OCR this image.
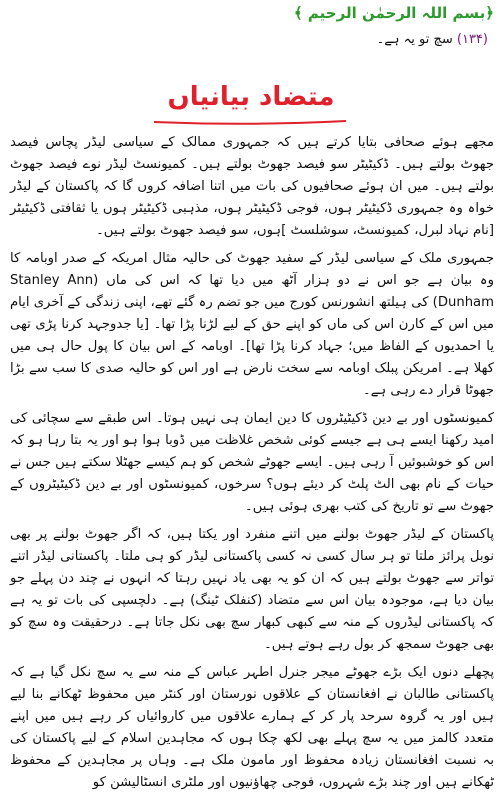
﴿بسم اللہ الرحمٰن الرحیم ﴾
(۱۳۴) سچ تو یہ ہے۔
متضاد بیانیاں

مجھے ہوئے صحافی بتایا کرتے ہیں کہ جمہوری ممالک کے سیاسی لیڈر پچاس فیصد جھوٹ بولتے ہیں۔ ڈکیٹیٹر سو فیصد جھوٹ بولتے ہیں۔ کمیونسٹ لیڈر نوے فیصد جھوٹ بولتے ہیں۔ میں ان ہوئے صحافیوں کی بات میں اتنا اضافہ کروں گا کہ پاکستان کے لیڈر خواہ وہ جمہوری ڈکیٹیٹر ہوں، فوجی ڈکیٹیٹر ہوں، مذہبی ڈکیٹیٹر ہوں یا ثقافتی ڈکیٹیٹر [نام نہاد لبرل، کمیونسٹ، سوشلسٹ ]ہوں، سو فیصد جھوٹ بولتے ہیں۔

جمہوری ملک کے سیاسی لیڈر کے سفید جھوٹ کی حالیہ مثال امریکہ کے صدر اوبامہ کا وہ بیان ہے جو اس نے دو ہزار آٹھ میں دیا تھا کہ اس کی ماں (Stanley Ann Dunham) کی ہیلتھ انشورنس کورج میں جو تضم رہ گئے تھے، اپنی زندگی کے آخری ایام میں اس کے کارن اس کی ماں کو اپنے حق کے لیے لڑنا پڑا تھا۔ [یا جدوجہد کرنا پڑی تھی یا احمدیوں کے الفاظ میں؛ جہاد کرنا پڑا تھا]۔ اوبامہ کے اس بیان کا پول حال ہی میں کھلا ہے۔ امریکن پبلک اوبامہ سے سخت نارض ہے اور اس کو حالیہ صدی کا سب سے بڑا جھوٹا قرار دے رہی ہے۔

کمیونسٹوں اور بے دین ڈکیٹیٹروں کا دین ایمان ہی نہیں ہوتا۔ اس طبقے سے سچائی کی امید رکھنا ایسے ہی ہے جیسے کوئی شخص غلاظت میں ڈوبا ہوا ہو اور یہ بتا رہا ہو کہ اس کو خوشبوئیں آ رہی ہیں۔ ایسے جھوٹے شخص کو ہم کیسے جھٹلا سکتے ہیں جس نے حیات کے نام بھی الٹ پلٹ کر دیئے ہوں؟ سرخوں، کمیونسٹوں اور بے دین ڈکیٹیٹروں کے جھوٹ سے تو تاریخ کی کتب بھری ہوئی ہیں۔

پاکستان کے لیڈر جھوٹ بولنے میں اتنے منفرد اور یکتا ہیں، کہ اگر جھوٹ بولنے پر بھی نوبل پرائز ملتا تو ہر سال کسی نہ کسی پاکستانی لیڈر کو ہی ملتا۔ پاکستانی لیڈر اتنے تواتر سے جھوٹ بولتے ہیں کہ ان کو یہ بھی یاد نہیں رہتا کہ انہوں نے چند دن پہلے جو بیان دیا ہے، موجودہ بیان اس سے متضاد (کنفلک ٹینگ) ہے۔ دلچسپی کی بات تو یہ ہے کہ پاکستانی لیڈروں کے منہ سے کبھی کبھار سچ بھی نکل جاتا ہے۔ درحقیقت وہ سچ کو بھی جھوٹ سمجھ کر بول رہے ہوتے ہیں۔

پچھلے دنوں ایک بڑے جھوٹے میجر جنرل اطہر عباس کے منہ سے یہ سچ نکل گیا ہے کہ پاکستانی طالبان نے افغانستان کے علاقوں نورستان اور کنٹر میں محفوظ ٹھکانے بنا لیے ہیں اور یہ گروہ سرحد پار کر کے ہمارے علاقوں میں کاروائیاں کر رہے ہیں میں اپنے متعدد کالمز میں یہ سچ پہلے بھی لکھ چکا ہوں کہ مجاہدین اسلام کے لیے پاکستان کی بہ نسبت افغانستان زیادہ محفوظ اور مامون ملک ہے۔ وہاں پر مجاہدین کے محفوظ ٹھکانے ہیں اور چند بڑے شہروں، فوجی چھاؤنیوں اور ملٹری انسٹالیشن کو
